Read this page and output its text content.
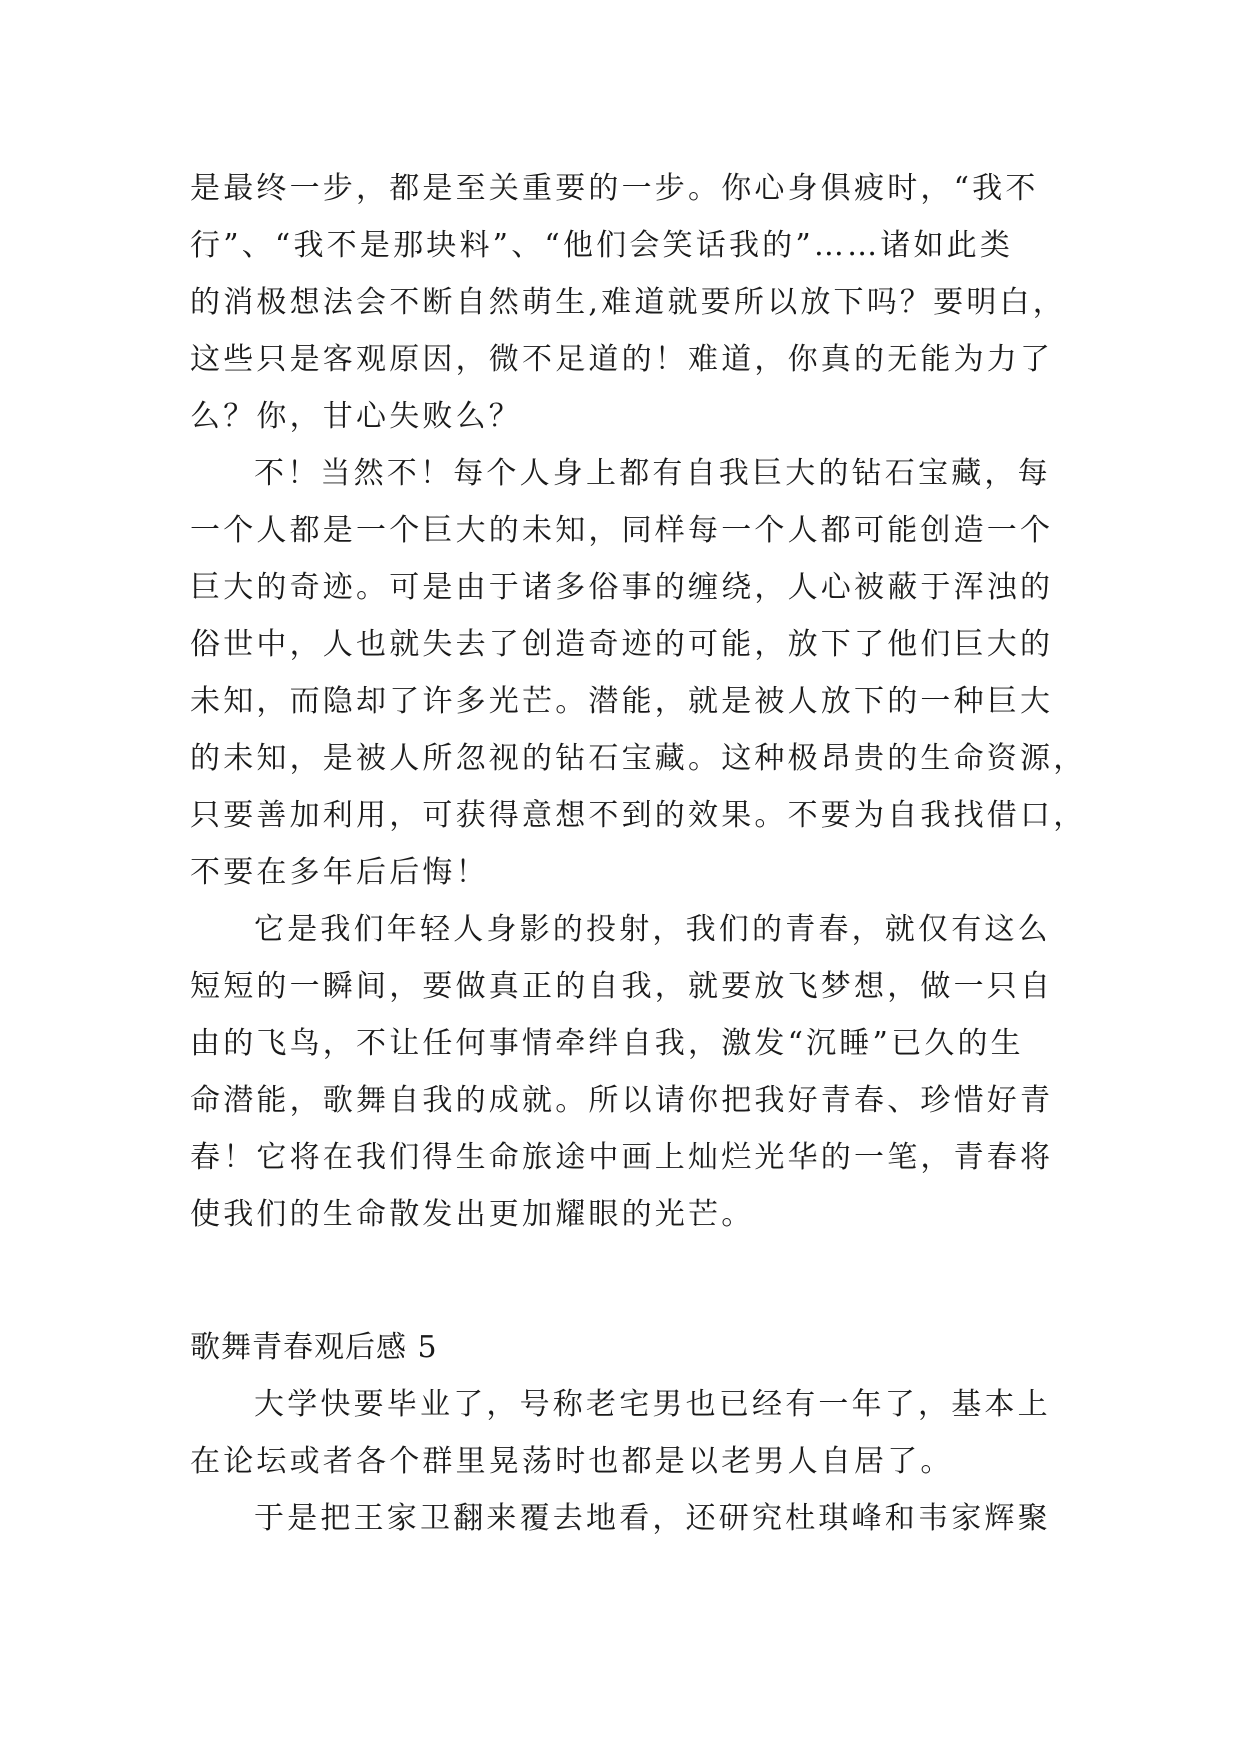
是最终一步，都是至关重要的一步。你心身俱疲时，“我不
行”、“我不是那块料”、“他们会笑话我的”……诸如此类
的消极想法会不断自然萌生,难道就要所以放下吗？要明白，
这些只是客观原因，微不足道的！难道，你真的无能为力了
么？你，甘心失败么？
不！当然不！每个人身上都有自我巨大的钻石宝藏，每
一个人都是一个巨大的未知，同样每一个人都可能创造一个
巨大的奇迹。可是由于诸多俗事的缠绕，人心被蔽于浑浊的
俗世中，人也就失去了创造奇迹的可能，放下了他们巨大的
未知，而隐却了许多光芒。潜能，就是被人放下的一种巨大
的未知，是被人所忽视的钻石宝藏。这种极昂贵的生命资源，
只要善加利用，可获得意想不到的效果。不要为自我找借口，
不要在多年后后悔！
它是我们年轻人身影的投射，我们的青春，就仅有这么
短短的一瞬间，要做真正的自我，就要放飞梦想，做一只自
由的飞鸟，不让任何事情牵绊自我，激发“沉睡”已久的生
命潜能，歌舞自我的成就。所以请你把我好青春、珍惜好青
春！它将在我们得生命旅途中画上灿烂光华的一笔，青春将
使我们的生命散发出更加耀眼的光芒。
歌舞青春观后感 5
大学快要毕业了，号称老宅男也已经有一年了，基本上
在论坛或者各个群里晃荡时也都是以老男人自居了。
于是把王家卫翻来覆去地看，还研究杜琪峰和韦家辉聚
